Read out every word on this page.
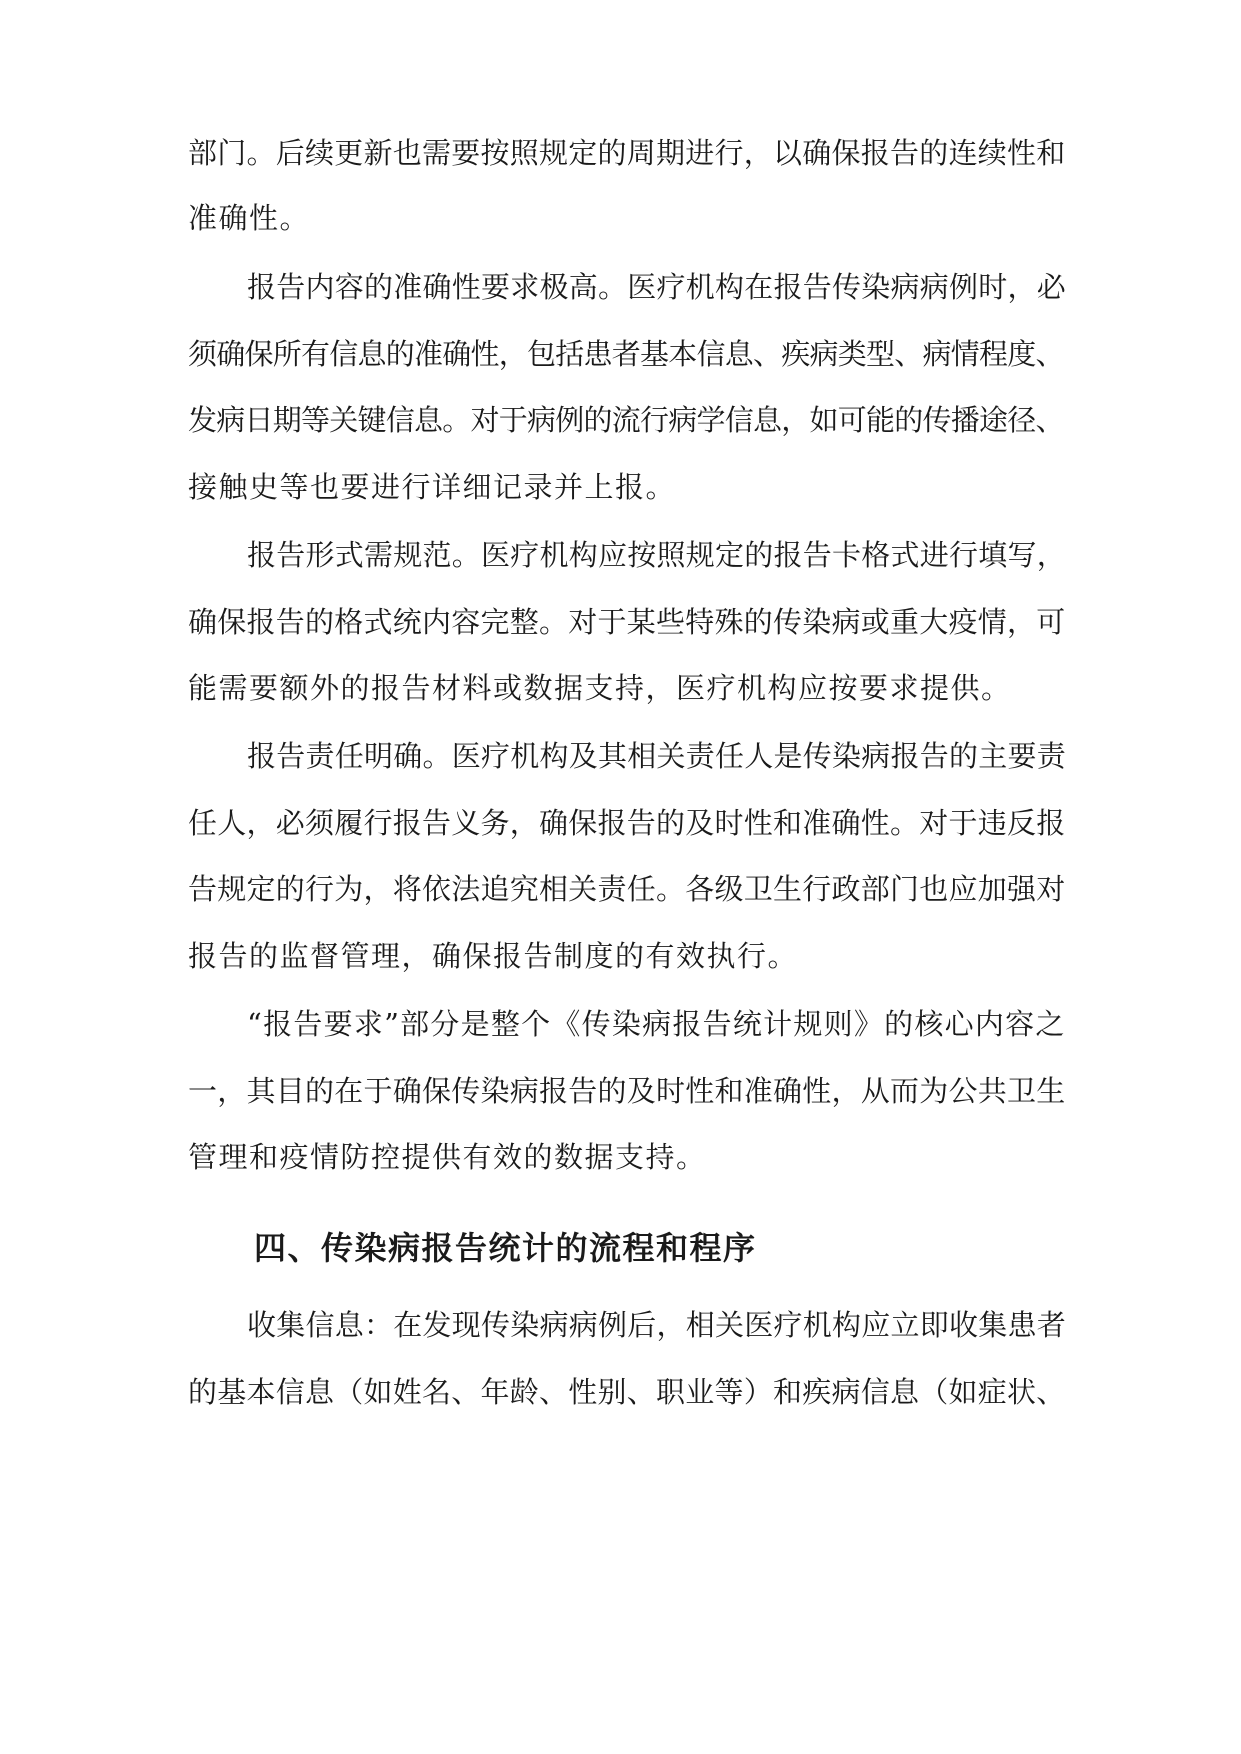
部门。后续更新也需要按照规定的周期进行，以确保报告的连续性和
准确性。
报告内容的准确性要求极高。医疗机构在报告传染病病例时，必
须确保所有信息的准确性，包括患者基本信息、疾病类型、病情程度、
发病日期等关键信息。对于病例的流行病学信息，如可能的传播途径、
接触史等也要进行详细记录并上报。
报告形式需规范。医疗机构应按照规定的报告卡格式进行填写，
确保报告的格式统内容完整。对于某些特殊的传染病或重大疫情，可
能需要额外的报告材料或数据支持，医疗机构应按要求提供。
报告责任明确。医疗机构及其相关责任人是传染病报告的主要责
任人，必须履行报告义务，确保报告的及时性和准确性。对于违反报
告规定的行为，将依法追究相关责任。各级卫生行政部门也应加强对
报告的监督管理，确保报告制度的有效执行。
“报告要求”部分是整个《传染病报告统计规则》的核心内容之
一，其目的在于确保传染病报告的及时性和准确性，从而为公共卫生
管理和疫情防控提供有效的数据支持。
四、传染病报告统计的流程和程序
收集信息：在发现传染病病例后，相关医疗机构应立即收集患者
的基本信息（如姓名、年龄、性别、职业等）和疾病信息（如症状、
